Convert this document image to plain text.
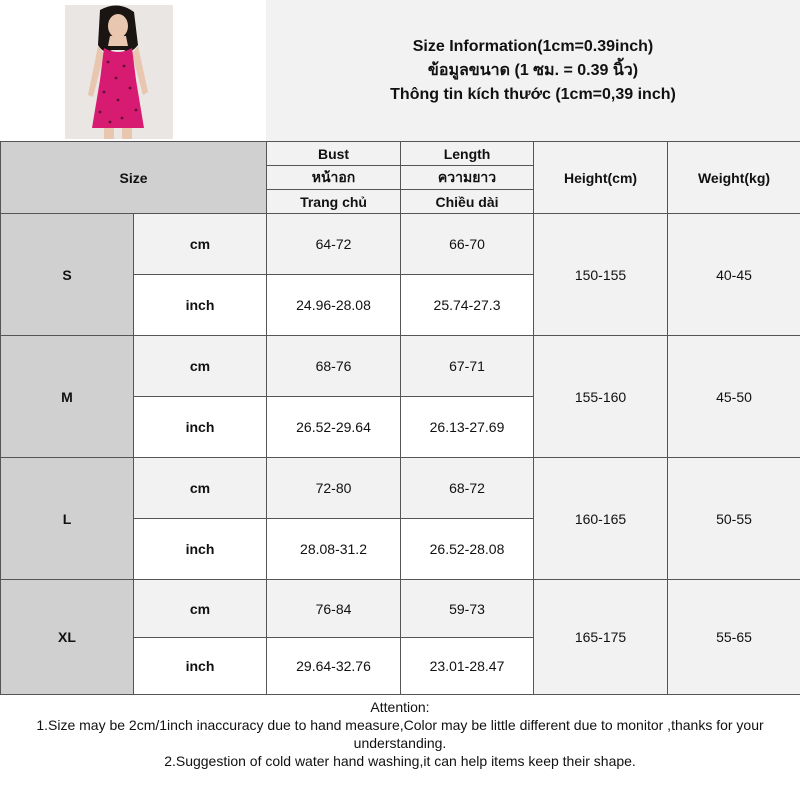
Size Information(1cm=0.39inch)
ข้อมูลขนาด (1 ซม. = 0.39 นิ้ว)
Thông tin kích thước (1cm=0,39 inch)
Size		Bust	Length	Height(cm)	Weight(kg)
		หน้าอก	ความยาว		
		Trang chủ	Chiều dài		
S	cm	64-72	66-70	150-155	40-45
	inch	24.96-28.08	25.74-27.3		
M	cm	68-76	67-71	155-160	45-50
	inch	26.52-29.64	26.13-27.69		
L	cm	72-80	68-72	160-165	50-55
	inch	28.08-31.2	26.52-28.08		
XL	cm	76-84	59-73	165-175	55-65
	inch	29.64-32.76	23.01-28.47		
Attention:
1.Size may be 2cm/1inch inaccuracy due to hand measure,Color may be little different due to monitor ,thanks for your understanding.
2.Suggestion of cold water hand washing,it can help items keep their shape.
